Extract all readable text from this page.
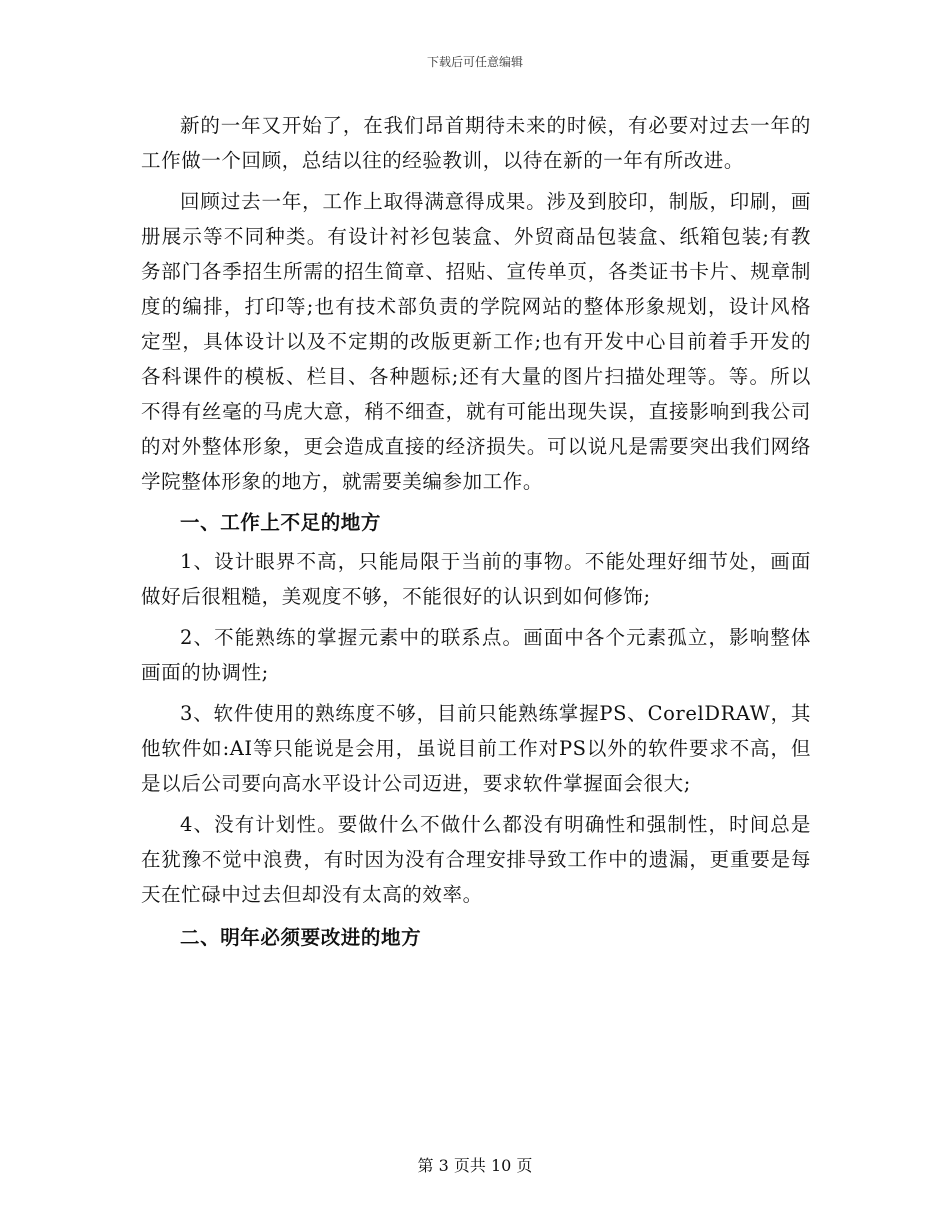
下载后可任意编辑

新的一年又开始了，在我们昂首期待未来的时候，有必要对过去一年的工作做一个回顾，总结以往的经验教训，以待在新的一年有所改进。

回顾过去一年，工作上取得满意得成果。涉及到胶印，制版，印刷，画册展示等不同种类。有设计衬衫包装盒、外贸商品包装盒、纸箱包装;有教务部门各季招生所需的招生简章、招贴、宣传单页，各类证书卡片、规章制度的编排，打印等;也有技术部负责的学院网站的整体形象规划，设计风格定型，具体设计以及不定期的改版更新工作;也有开发中心目前着手开发的各科课件的模板、栏目、各种题标;还有大量的图片扫描处理等。等。所以不得有丝毫的马虎大意，稍不细查，就有可能出现失误，直接影响到我公司的对外整体形象，更会造成直接的经济损失。可以说凡是需要突出我们网络学院整体形象的地方，就需要美编参加工作。

一、工作上不足的地方

1、设计眼界不高，只能局限于当前的事物。不能处理好细节处，画面做好后很粗糙，美观度不够，不能很好的认识到如何修饰;

2、不能熟练的掌握元素中的联系点。画面中各个元素孤立，影响整体画面的协调性;

3、软件使用的熟练度不够，目前只能熟练掌握PS、CorelDRAW，其他软件如:AI等只能说是会用，虽说目前工作对PS以外的软件要求不高，但是以后公司要向高水平设计公司迈进，要求软件掌握面会很大;

4、没有计划性。要做什么不做什么都没有明确性和强制性，时间总是在犹豫不觉中浪费，有时因为没有合理安排导致工作中的遗漏，更重要是每天在忙碌中过去但却没有太高的效率。

二、明年必须要改进的地方

第 3 页共 10 页
